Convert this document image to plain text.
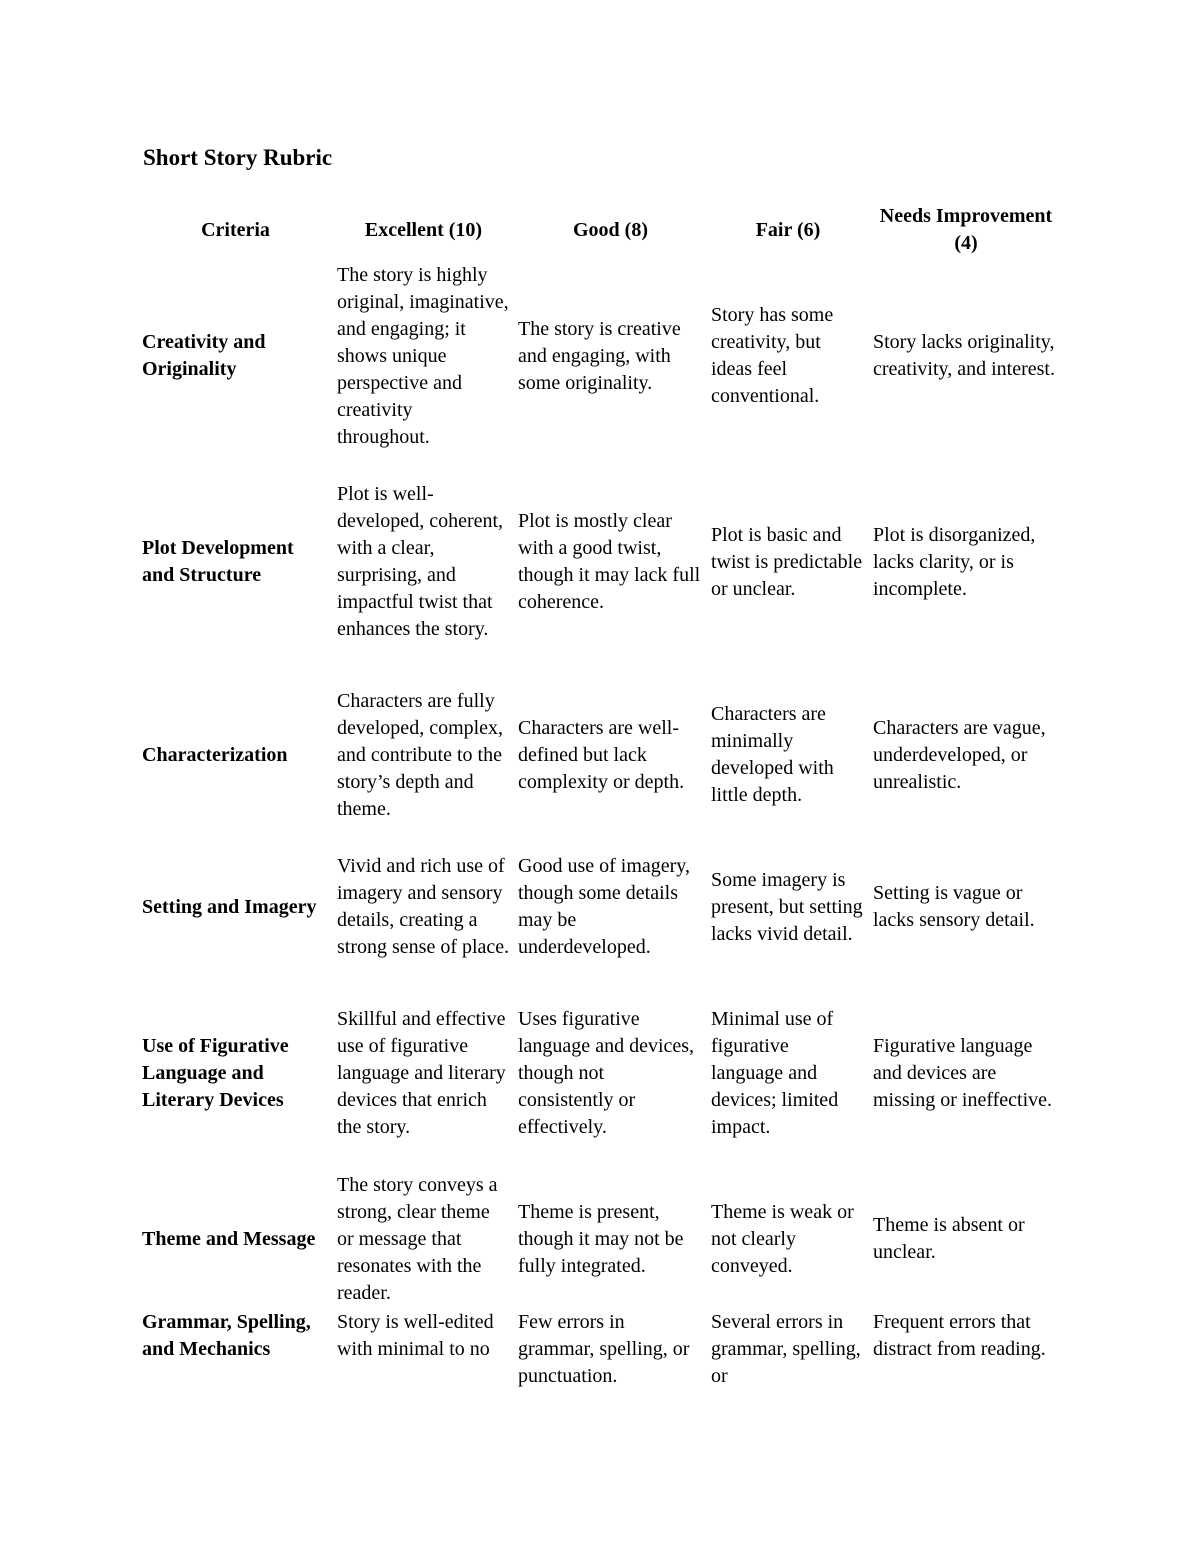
Short Story Rubric
Criteria	Excellent (10)	Good (8)	Fair (6)	Needs Improvement (4)
Creativity and Originality	The story is highly original, imaginative, and engaging; it shows unique perspective and creativity throughout.	The story is creative and engaging, with some originality.	Story has some creativity, but ideas feel conventional.	Story lacks originality, creativity, and interest.
Plot Development and Structure	Plot is well-developed, coherent, with a clear, surprising, and impactful twist that enhances the story.	Plot is mostly clear with a good twist, though it may lack full coherence.	Plot is basic and twist is predictable or unclear.	Plot is disorganized, lacks clarity, or is incomplete.
Characterization	Characters are fully developed, complex, and contribute to the story’s depth and theme.	Characters are well-defined but lack complexity or depth.	Characters are minimally developed with little depth.	Characters are vague, underdeveloped, or unrealistic.
Setting and Imagery	Vivid and rich use of imagery and sensory details, creating a strong sense of place.	Good use of imagery, though some details may be underdeveloped.	Some imagery is present, but setting lacks vivid detail.	Setting is vague or lacks sensory detail.
Use of Figurative Language and Literary Devices	Skillful and effective use of figurative language and literary devices that enrich the story.	Uses figurative language and devices, though not consistently or effectively.	Minimal use of figurative language and devices; limited impact.	Figurative language and devices are missing or ineffective.
Theme and Message	The story conveys a strong, clear theme or message that resonates with the reader.	Theme is present, though it may not be fully integrated.	Theme is weak or not clearly conveyed.	Theme is absent or unclear.
Grammar, Spelling, and Mechanics	Story is well-edited with minimal to no	Few errors in grammar, spelling, or punctuation.	Several errors in grammar, spelling, or	Frequent errors that distract from reading.
